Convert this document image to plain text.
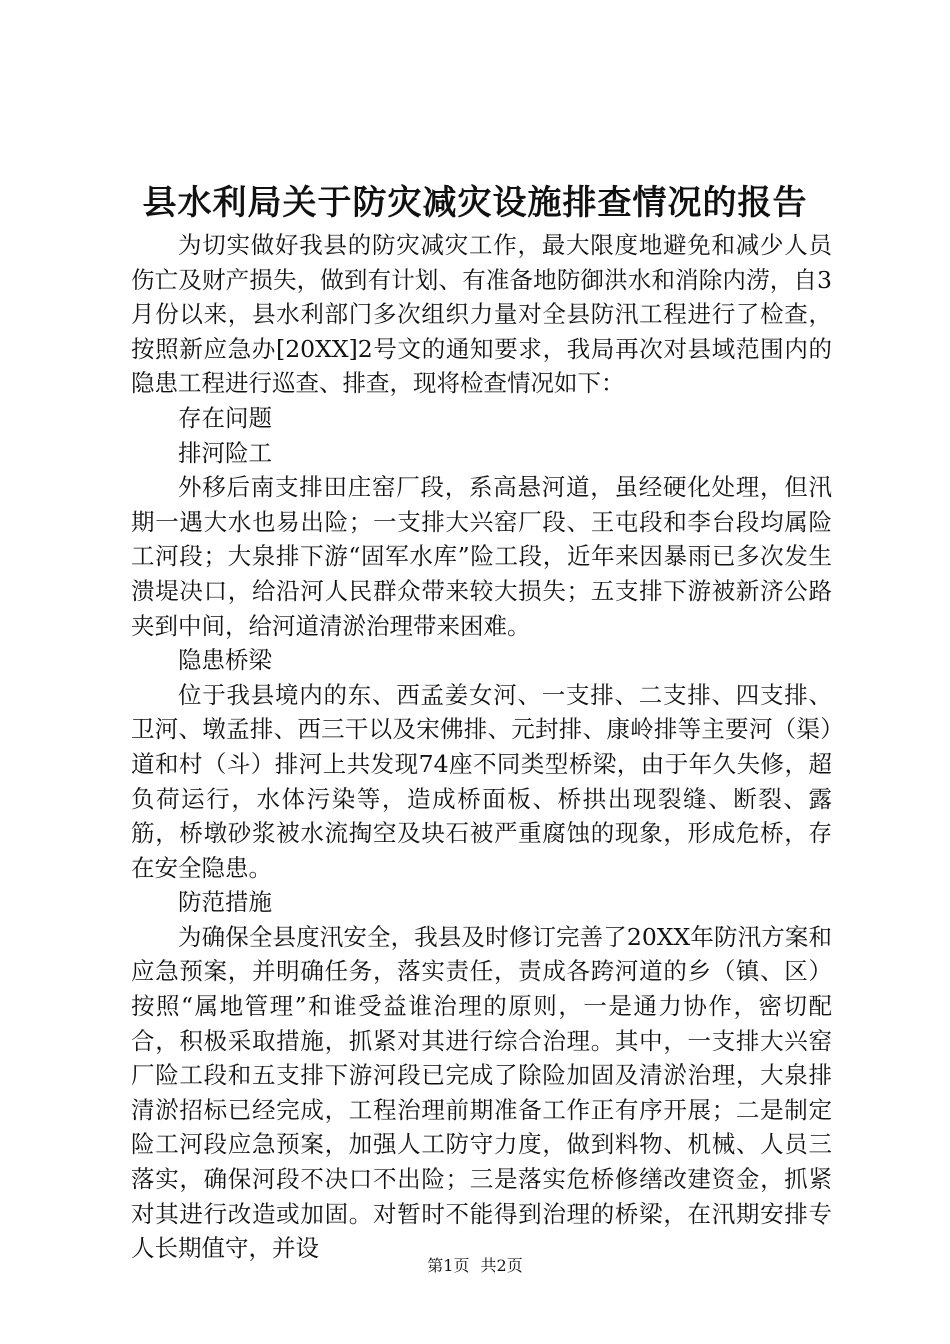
县水利局关于防灾减灾设施排查情况的报告

为切实做好我县的防灾减灾工作，最大限度地避免和减少人员伤亡及财产损失，做到有计划、有准备地防御洪水和消除内涝，自3月份以来，县水利部门多次组织力量对全县防汛工程进行了检查，按照新应急办[20XX]2号文的通知要求，我局再次对县域范围内的隐患工程进行巡查、排查，现将检查情况如下：

存在问题

排河险工

外移后南支排田庄窑厂段，系高悬河道，虽经硬化处理，但汛期一遇大水也易出险；一支排大兴窑厂段、王屯段和李台段均属险工河段；大泉排下游“固军水库”险工段，近年来因暴雨已多次发生溃堤决口，给沿河人民群众带来较大损失；五支排下游被新济公路夹到中间，给河道清淤治理带来困难。

隐患桥梁

位于我县境内的东、西孟姜女河、一支排、二支排、四支排、卫河、墩孟排、西三干以及宋佛排、元封排、康岭排等主要河（渠）道和村（斗）排河上共发现74座不同类型桥梁，由于年久失修，超负荷运行，水体污染等，造成桥面板、桥拱出现裂缝、断裂、露筋，桥墩砂浆被水流掏空及块石被严重腐蚀的现象，形成危桥，存在安全隐患。

防范措施

为确保全县度汛安全，我县及时修订完善了20XX年防汛方案和应急预案，并明确任务，落实责任，责成各跨河道的乡（镇、区）按照“属地管理”和谁受益谁治理的原则，一是通力协作，密切配合，积极采取措施，抓紧对其进行综合治理。其中，一支排大兴窑厂险工段和五支排下游河段已完成了除险加固及清淤治理，大泉排清淤招标已经完成，工程治理前期准备工作正有序开展；二是制定险工河段应急预案，加强人工防守力度，做到料物、机械、人员三落实，确保河段不决口不出险；三是落实危桥修缮改建资金，抓紧对其进行改造或加固。对暂时不能得到治理的桥梁，在汛期安排专人长期值守，并设

第1页 共2页
